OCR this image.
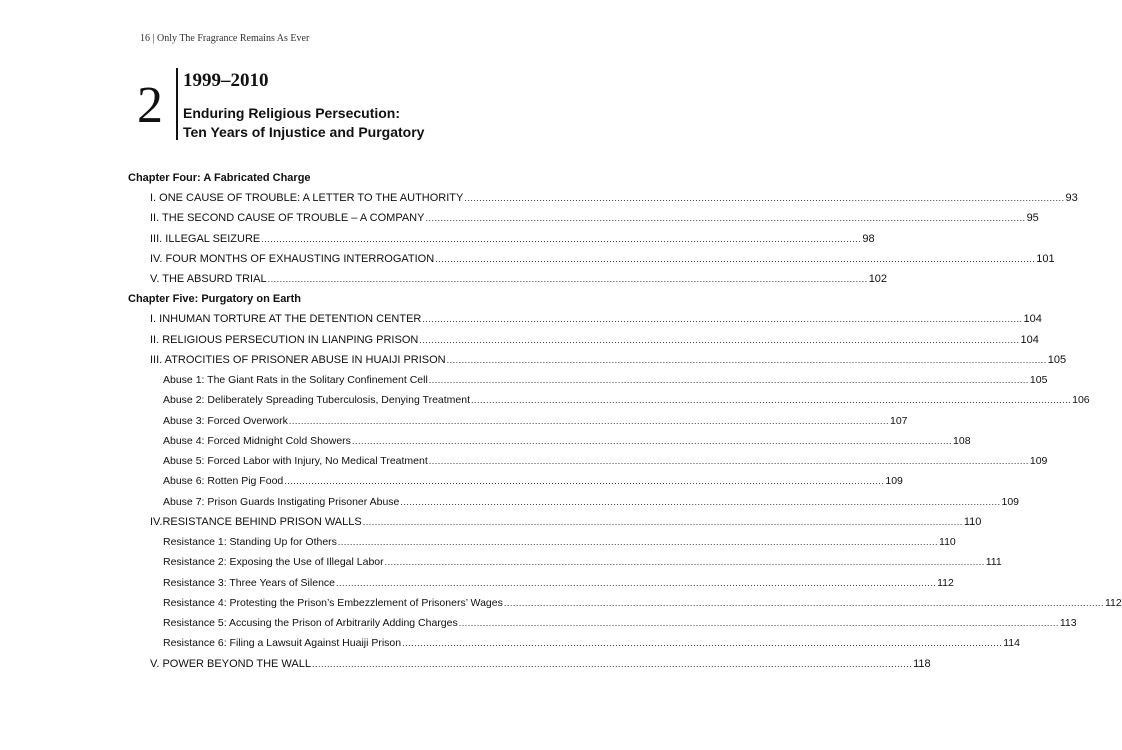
16 | Only The Fragrance Remains As Ever
2 1999–2010
Enduring Religious Persecution:
Ten Years of Injustice and Purgatory
Chapter Four: A Fabricated Charge
I. ONE CAUSE OF TROUBLE: A LETTER TO THE AUTHORITY ........................................................................................................................................................................................................ 93
II. THE SECOND CAUSE OF TROUBLE – A COMPANY ........................................................................................................................................................................................................ 95
III. ILLEGAL SEIZURE ........................................................................................................................................................................................................ 98
IV. FOUR MONTHS OF EXHAUSTING INTERROGATION ........................................................................................................................................................................................................ 101
V. THE ABSURD TRIAL ........................................................................................................................................................................................................ 102
Chapter Five: Purgatory on Earth
I. INHUMAN TORTURE AT THE DETENTION CENTER ........................................................................................................................................................................................................ 104
II. RELIGIOUS PERSECUTION IN LIANPING PRISON ........................................................................................................................................................................................................ 104
III. ATROCITIES OF PRISONER ABUSE IN HUAIJI PRISON ........................................................................................................................................................................................................ 105
Abuse 1: The Giant Rats in the Solitary Confinement Cell ........................................................................................................................................................................................................ 105
Abuse 2: Deliberately Spreading Tuberculosis, Denying Treatment ........................................................................................................................................................................................................ 106
Abuse 3: Forced Overwork ........................................................................................................................................................................................................ 107
Abuse 4: Forced Midnight Cold Showers ........................................................................................................................................................................................................ 108
Abuse 5: Forced Labor with Injury, No Medical Treatment ........................................................................................................................................................................................................ 109
Abuse 6: Rotten Pig Food ........................................................................................................................................................................................................ 109
Abuse 7: Prison Guards Instigating Prisoner Abuse ........................................................................................................................................................................................................ 109
IV.RESISTANCE BEHIND PRISON WALLS ........................................................................................................................................................................................................ 110
Resistance 1: Standing Up for Others ........................................................................................................................................................................................................ 110
Resistance 2: Exposing the Use of Illegal Labor ........................................................................................................................................................................................................ 111
Resistance 3: Three Years of Silence ........................................................................................................................................................................................................ 112
Resistance 4: Protesting the Prison’s Embezzlement of Prisoners’ Wages ........................................................................................................................................................................................................ 112
Resistance 5: Accusing the Prison of Arbitrarily Adding Charges ........................................................................................................................................................................................................ 113
Resistance 6: Filing a Lawsuit Against Huaiji Prison ........................................................................................................................................................................................................ 114
V. POWER BEYOND THE WALL ........................................................................................................................................................................................................ 118
